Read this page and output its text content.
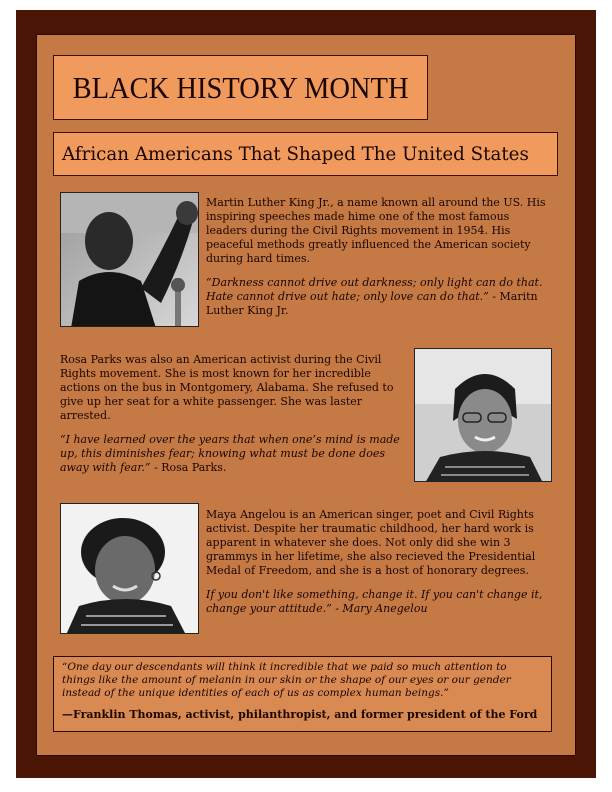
BLACK HISTORY MONTH
African Americans That Shaped The United States

Martin Luther King Jr., a name known all around the US. His inspiring speeches made hime one of the most famous leaders during the Civil Rights movement in 1954. His peaceful methods greatly influenced the American society during hard times.

“Darkness cannot drive out darkness; only light can do that. Hate cannot drive out hate; only love can do that.” - Maritn Luther King Jr.

Rosa Parks was also an American activist during the Civil Rights movement. She is most known for her incredible actions on the bus in Montgomery, Alabama. She refused to give up her seat for a white passenger. She was laster arrested.

“I have learned over the years that when one’s mind is made up, this diminishes fear; knowing what must be done does away with fear.” - Rosa Parks.

Maya Angelou is an American singer, poet and Civil Rights activist. Despite her traumatic childhood, her hard work is apparent in whatever she does. Not only did she win 3 grammys in her lifetime, she also recieved the Presidential Medal of Freedom, and she is a host of honorary degrees.

If you don't like something, change it. If you can't change it, change your attitude.” - Mary Anegelou

“One day our descendants will think it incredible that we paid so much attention to things like the amount of melanin in our skin or the shape of our eyes or our gender instead of the unique identities of each of us as complex human beings.”

—Franklin Thomas, activist, philanthropist, and former president of the Ford
